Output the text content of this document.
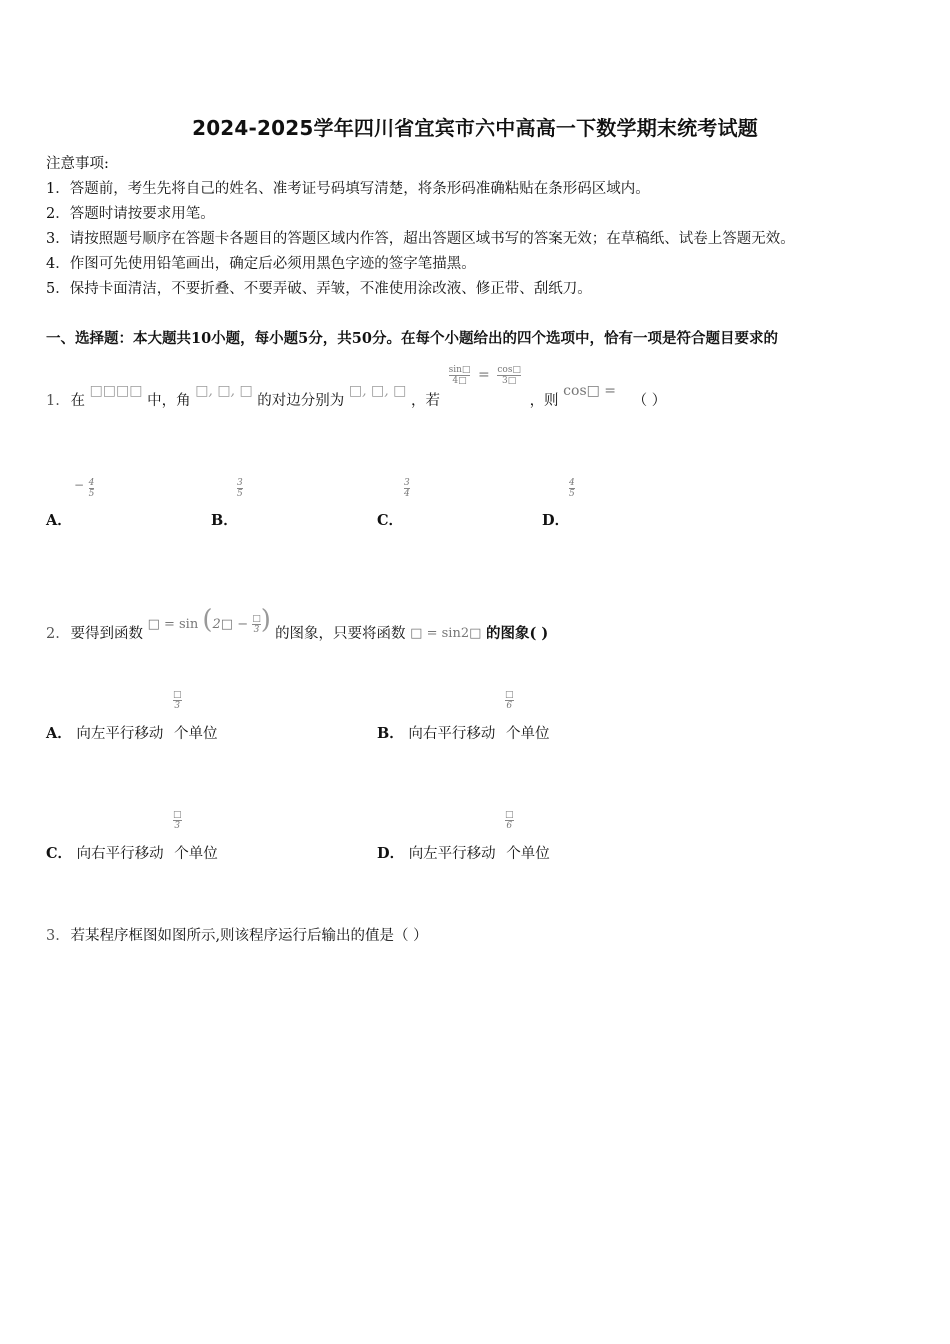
2024-2025学年四川省宜宾市六中高高一下数学期末统考试题
注意事项:
1．答题前，考生先将自己的姓名、准考证号码填写清楚，将条形码准确粘贴在条形码区域内。
2．答题时请按要求用笔。
3．请按照题号顺序在答题卡各题目的答题区域内作答，超出答题区域书写的答案无效；在草稿纸、试卷上答题无效。
4．作图可先使用铅笔画出，确定后必须用黑色字迹的签字笔描黑。
5．保持卡面清洁，不要折叠、不要弄破、弄皱，不准使用涂改液、修正带、刮纸刀。
一、选择题：本大题共10小题，每小题5分，共50分。在每个小题给出的四个选项中，恰有一项是符合题目要求的
1. 在 □□□□ 中，角 □, □, □ 的对边分别为 □, □, □ ，若
$\frac{\sin□}{4□} = \frac{\cos□}{3□}$
，则 cos□ = （ ）
$^- \frac{4}{5}$
A．
$\frac{3}{5}$
B．
$\frac{3}{4}$
C．
$\frac{4}{5}$
D．
2. 要得到函数 □ = sin (2□ − $\frac{□}{3}$ ) 的图象，只要将函数 □ = sin2□ 的图象( )
$\frac{□}{3}$
A． 向左平行移动 个单位
$\frac{□}{6}$
B． 向右平行移动 个单位
$\frac{□}{3}$
C． 向右平行移动 个单位
$\frac{□}{6}$
D． 向左平行移动 个单位
3. 若某程序框图如图所示,则该程序运行后输出的值是（ ）
